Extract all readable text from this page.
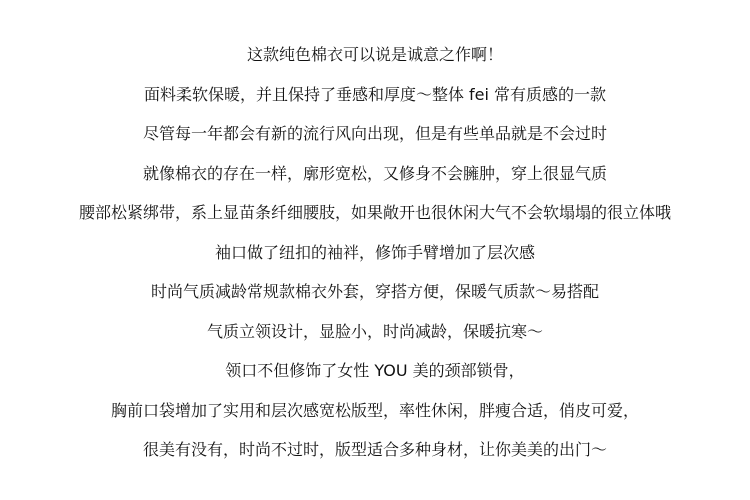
这款纯色棉衣可以说是诚意之作啊！
面料柔软保暖，并且保持了垂感和厚度～整体 fei 常有质感的一款
尽管每一年都会有新的流行风向出现，但是有些单品就是不会过时
就像棉衣的存在一样，廓形宽松，又修身不会臃肿，穿上很显气质
腰部松紧绑带，系上显苗条纤细腰肢，如果敞开也很休闲大气不会软塌塌的很立体哦
袖口做了纽扣的袖袢，修饰手臂增加了层次感
时尚气质减龄常规款棉衣外套，穿搭方便，保暖气质款～易搭配
气质立领设计，显脸小，时尚减龄，保暖抗寒～
领口不但修饰了女性 YOU 美的颈部锁骨，
胸前口袋增加了实用和层次感宽松版型，率性休闲，胖瘦合适，俏皮可爱，
很美有没有，时尚不过时，版型适合多种身材，让你美美的出门～
